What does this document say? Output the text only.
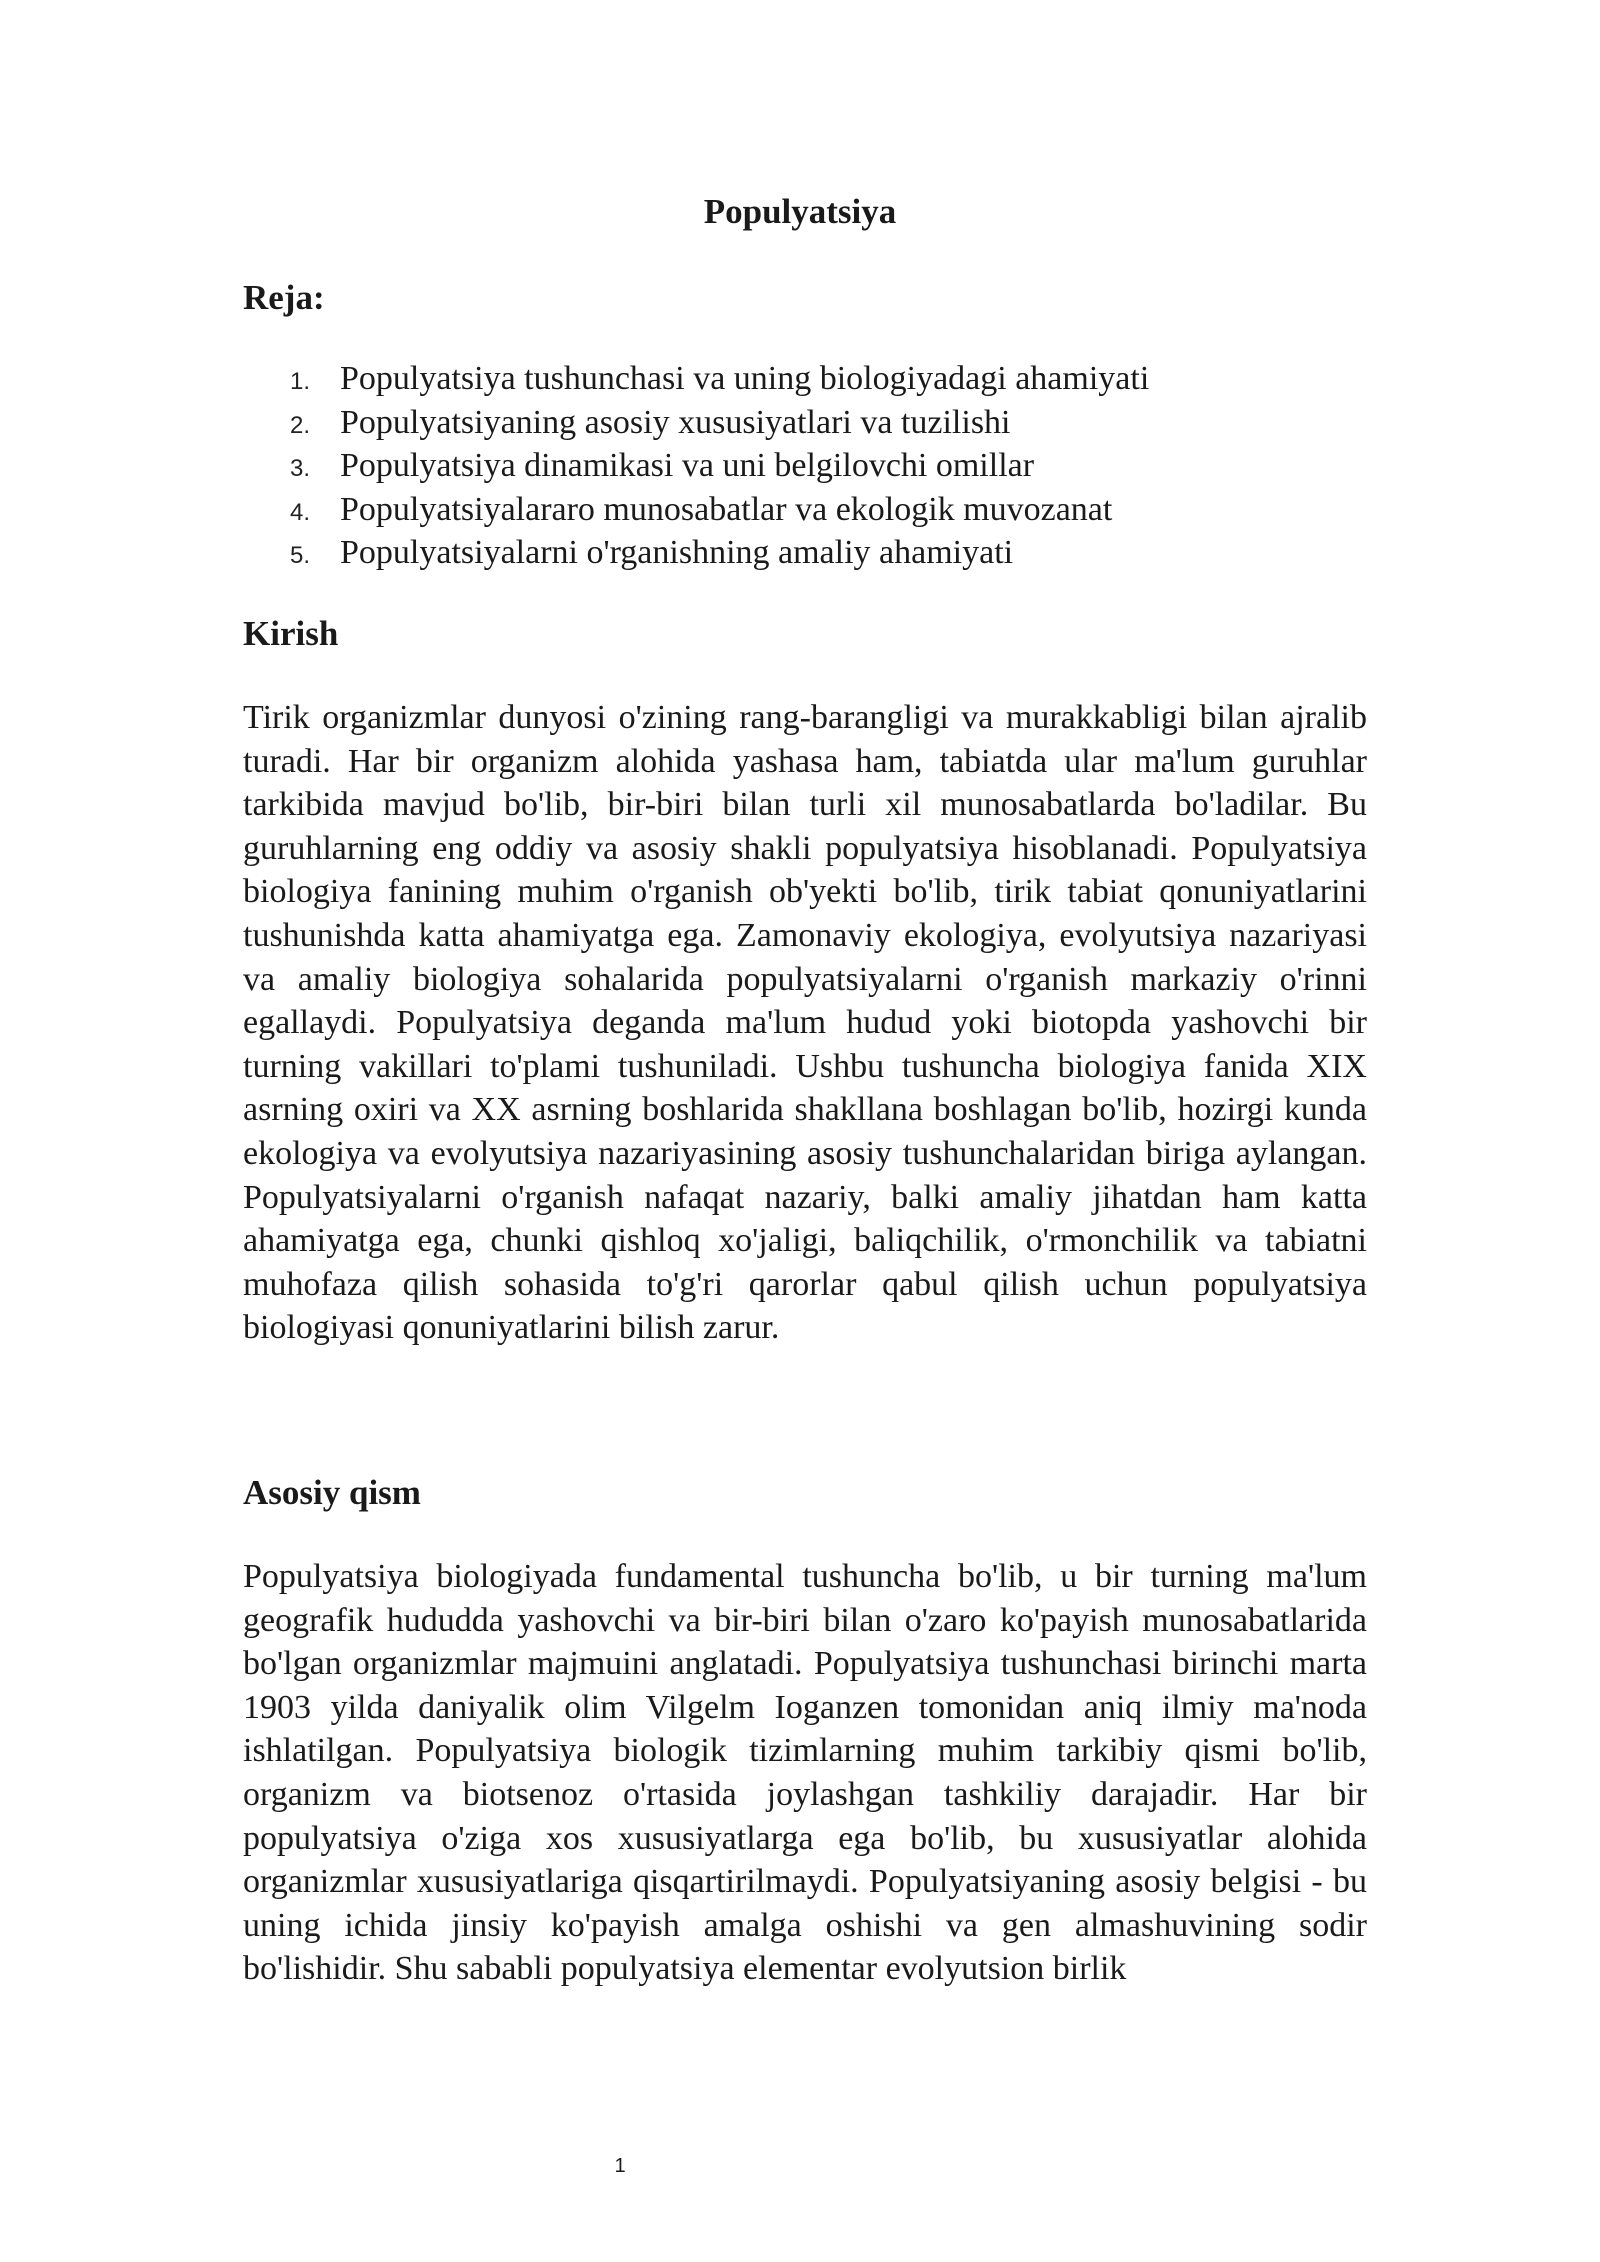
Populyatsiya
Reja:
1. Populyatsiya tushunchasi va uning biologiyadagi ahamiyati
2. Populyatsiyaning asosiy xususiyatlari va tuzilishi
3. Populyatsiya dinamikasi va uni belgilovchi omillar
4. Populyatsiyalararo munosabatlar va ekologik muvozanat
5. Populyatsiyalarni o'rganishning amaliy ahamiyati
Kirish

Tirik organizmlar dunyosi o'zining rang-barangligi va murakkabligi bilan ajralib turadi. Har bir organizm alohida yashasa ham, tabiatda ular ma'lum guruhlar tarkibida mavjud bo'lib, bir-biri bilan turli xil munosabatlarda bo'ladilar. Bu guruhlarning eng oddiy va asosiy shakli populyatsiya hisoblanadi. Populyatsiya biologiya fanining muhim o'rganish ob'yekti bo'lib, tirik tabiat qonuniyatlarini tushunishda katta ahamiyatga ega. Zamonaviy ekologiya, evolyutsiya nazariyasi va amaliy biologiya sohalarida populyatsiyalarni o'rganish markaziy o'rinni egallaydi. Populyatsiya deganda ma'lum hudud yoki biotopda yashovchi bir turning vakillari to'plami tushuniladi. Ushbu tushuncha biologiya fanida XIX asrning oxiri va XX asrning boshlarida shakllana boshlagan bo'lib, hozirgi kunda ekologiya va evolyutsiya nazariyasining asosiy tushunchalaridan biriga aylangan. Populyatsiyalarni o'rganish nafaqat nazariy, balki amaliy jihatdan ham katta ahamiyatga ega, chunki qishloq xo'jaligi, baliqchilik, o'rmonchilik va tabiatni muhofaza qilish sohasida to'g'ri qarorlar qabul qilish uchun populyatsiya biologiyasi qonuniyatlarini bilish zarur.

Asosiy qism

Populyatsiya biologiyada fundamental tushuncha bo'lib, u bir turning ma'lum geografik hududda yashovchi va bir-biri bilan o'zaro ko'payish munosabatlarida bo'lgan organizmlar majmuini anglatadi. Populyatsiya tushunchasi birinchi marta 1903 yilda daniyalik olim Vilgelm Ioganzen tomonidan aniq ilmiy ma'noda ishlatilgan. Populyatsiya biologik tizimlarning muhim tarkibiy qismi bo'lib, organizm va biotsenoz o'rtasida joylashgan tashkiliy darajadir. Har bir populyatsiya o'ziga xos xususiyatlarga ega bo'lib, bu xususiyatlar alohida organizmlar xususiyatlariga qisqartirilmaydi. Populyatsiyaning asosiy belgisi - bu uning ichida jinsiy ko'payish amalga oshishi va gen almashuvining sodir bo'lishidir. Shu sababli populyatsiya elementar evolyutsion birlik

1
